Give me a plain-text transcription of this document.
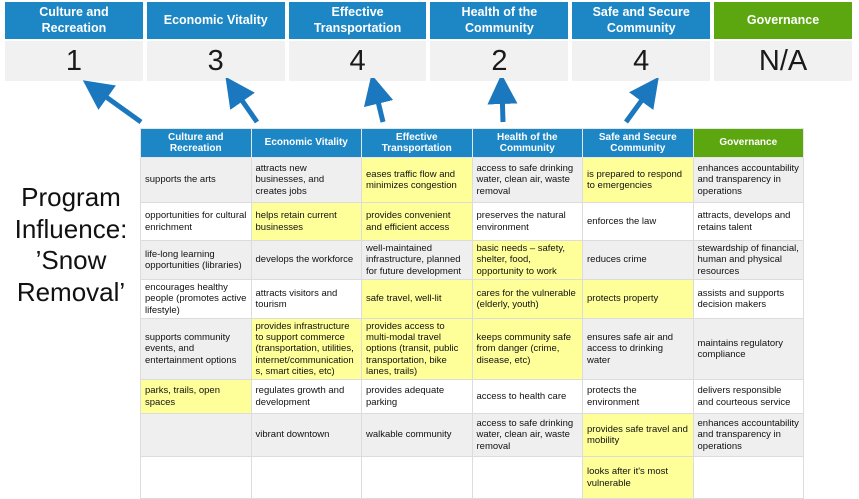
Culture and Recreation
1
Economic Vitality
3
Effective Transportation
4
Health of the Community
2
Safe and Secure Community
4
Governance
N/A
Program
Influence:
’Snow
Removal’
Culture and Recreation	Economic Vitality	Effective Transportation	Health of the Community	Safe and Secure Community	Governance
supports the arts	attracts new businesses, and creates jobs	eases traffic flow and minimizes congestion	access to safe drinking water, clean air, waste removal	is prepared to respond to emergencies	enhances accountability and transparency in operations
opportunities for cultural enrichment	helps retain current businesses	provides convenient and efficient access	preserves the natural environment	enforces the law	attracts, develops and retains talent
life-long learning opportunities (libraries)	develops the workforce	well-maintained infrastructure, planned for future development	basic needs – safety, shelter, food, opportunity to work	reduces crime	stewardship of financial, human and physical resources
encourages healthy people (promotes active lifestyle)	attracts visitors and tourism	safe travel, well-lit	cares for the vulnerable (elderly, youth)	protects property	assists and supports decision makers
supports community events, and entertainment options	provides infrastructure to support commerce (transportation, utilities, internet/communications, smart cities, etc)	provides access to multi-modal travel options (transit, public transportation, bike lanes, trails)	keeps community safe from danger (crime, disease, etc)	ensures safe air and access to drinking water	maintains regulatory compliance
parks, trails, open spaces	regulates growth and development	provides adequate parking	access to health care	protects the environment	delivers responsible and courteous service
	vibrant downtown	walkable community	access to safe drinking water, clean air, waste removal	provides safe travel and mobility	enhances accountability and transparency in operations
				looks after it's most vulnerable	
